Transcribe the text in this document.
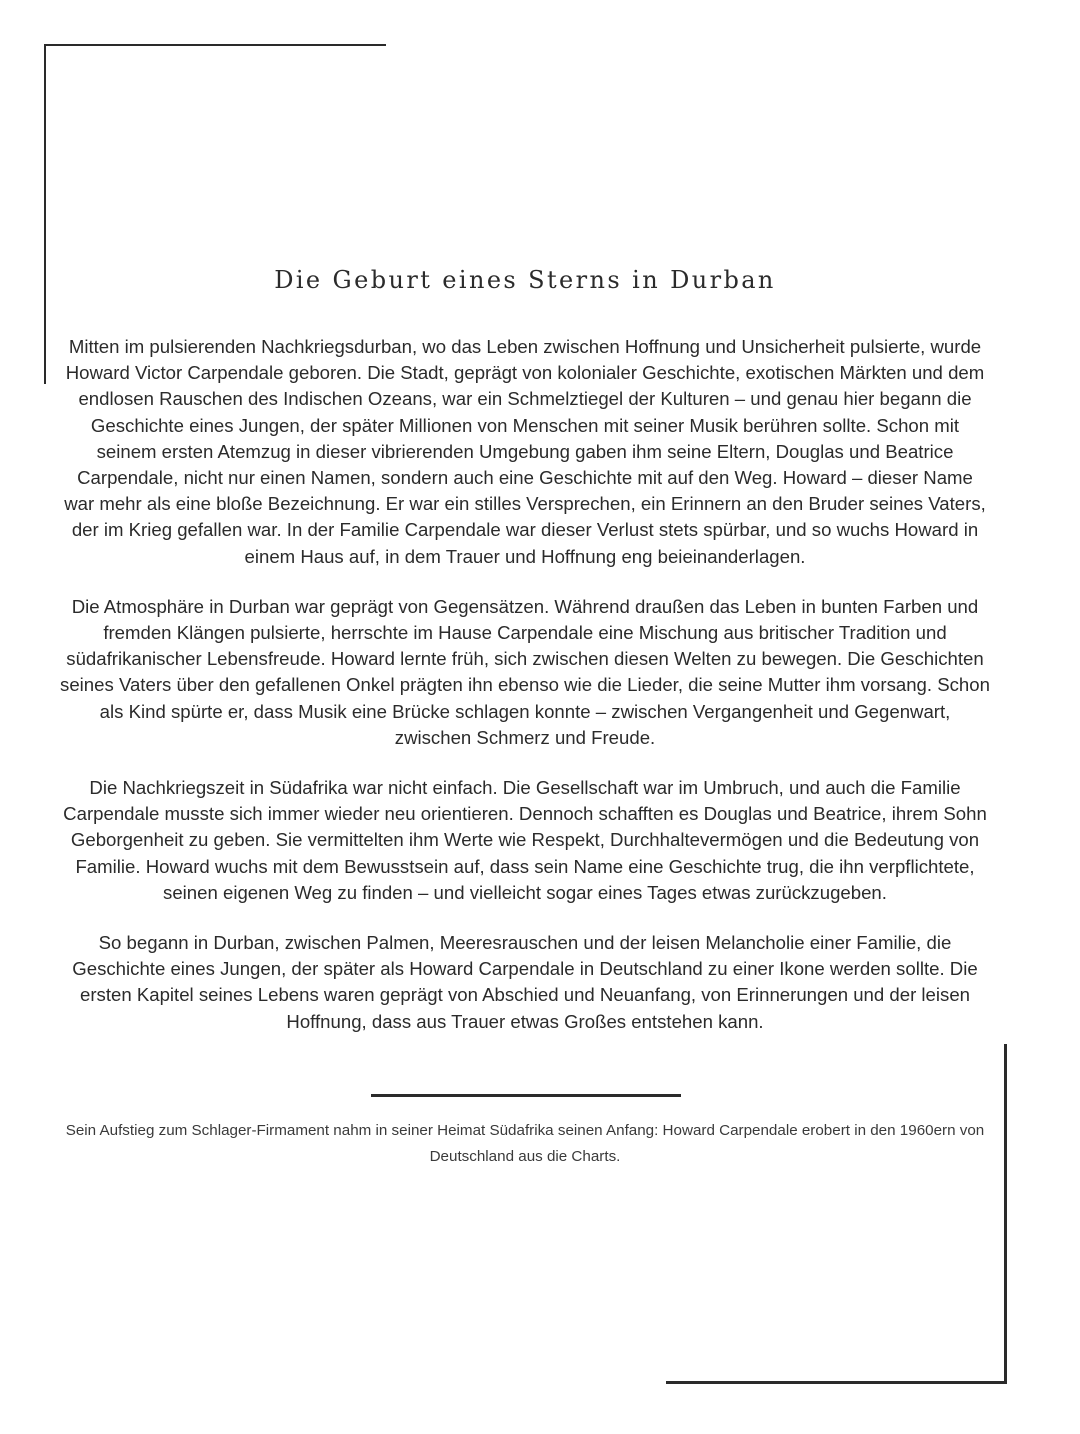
Die Geburt eines Sterns in Durban

Mitten im pulsierenden Nachkriegsdurban, wo das Leben zwischen Hoffnung und Unsicherheit pulsierte, wurde Howard Victor Carpendale geboren. Die Stadt, geprägt von kolonialer Geschichte, exotischen Märkten und dem endlosen Rauschen des Indischen Ozeans, war ein Schmelztiegel der Kulturen – und genau hier begann die Geschichte eines Jungen, der später Millionen von Menschen mit seiner Musik berühren sollte. Schon mit seinem ersten Atemzug in dieser vibrierenden Umgebung gaben ihm seine Eltern, Douglas und Beatrice Carpendale, nicht nur einen Namen, sondern auch eine Geschichte mit auf den Weg. Howard – dieser Name war mehr als eine bloße Bezeichnung. Er war ein stilles Versprechen, ein Erinnern an den Bruder seines Vaters, der im Krieg gefallen war. In der Familie Carpendale war dieser Verlust stets spürbar, und so wuchs Howard in einem Haus auf, in dem Trauer und Hoffnung eng beieinanderlagen.

Die Atmosphäre in Durban war geprägt von Gegensätzen. Während draußen das Leben in bunten Farben und fremden Klängen pulsierte, herrschte im Hause Carpendale eine Mischung aus britischer Tradition und südafrikanischer Lebensfreude. Howard lernte früh, sich zwischen diesen Welten zu bewegen. Die Geschichten seines Vaters über den gefallenen Onkel prägten ihn ebenso wie die Lieder, die seine Mutter ihm vorsang. Schon als Kind spürte er, dass Musik eine Brücke schlagen konnte – zwischen Vergangenheit und Gegenwart, zwischen Schmerz und Freude.

Die Nachkriegszeit in Südafrika war nicht einfach. Die Gesellschaft war im Umbruch, und auch die Familie Carpendale musste sich immer wieder neu orientieren. Dennoch schafften es Douglas und Beatrice, ihrem Sohn Geborgenheit zu geben. Sie vermittelten ihm Werte wie Respekt, Durchhaltevermögen und die Bedeutung von Familie. Howard wuchs mit dem Bewusstsein auf, dass sein Name eine Geschichte trug, die ihn verpflichtete, seinen eigenen Weg zu finden – und vielleicht sogar eines Tages etwas zurückzugeben.

So begann in Durban, zwischen Palmen, Meeresrauschen und der leisen Melancholie einer Familie, die Geschichte eines Jungen, der später als Howard Carpendale in Deutschland zu einer Ikone werden sollte. Die ersten Kapitel seines Lebens waren geprägt von Abschied und Neuanfang, von Erinnerungen und der leisen Hoffnung, dass aus Trauer etwas Großes entstehen kann.

Sein Aufstieg zum Schlager-Firmament nahm in seiner Heimat Südafrika seinen Anfang: Howard Carpendale erobert in den 1960ern von Deutschland aus die Charts.
